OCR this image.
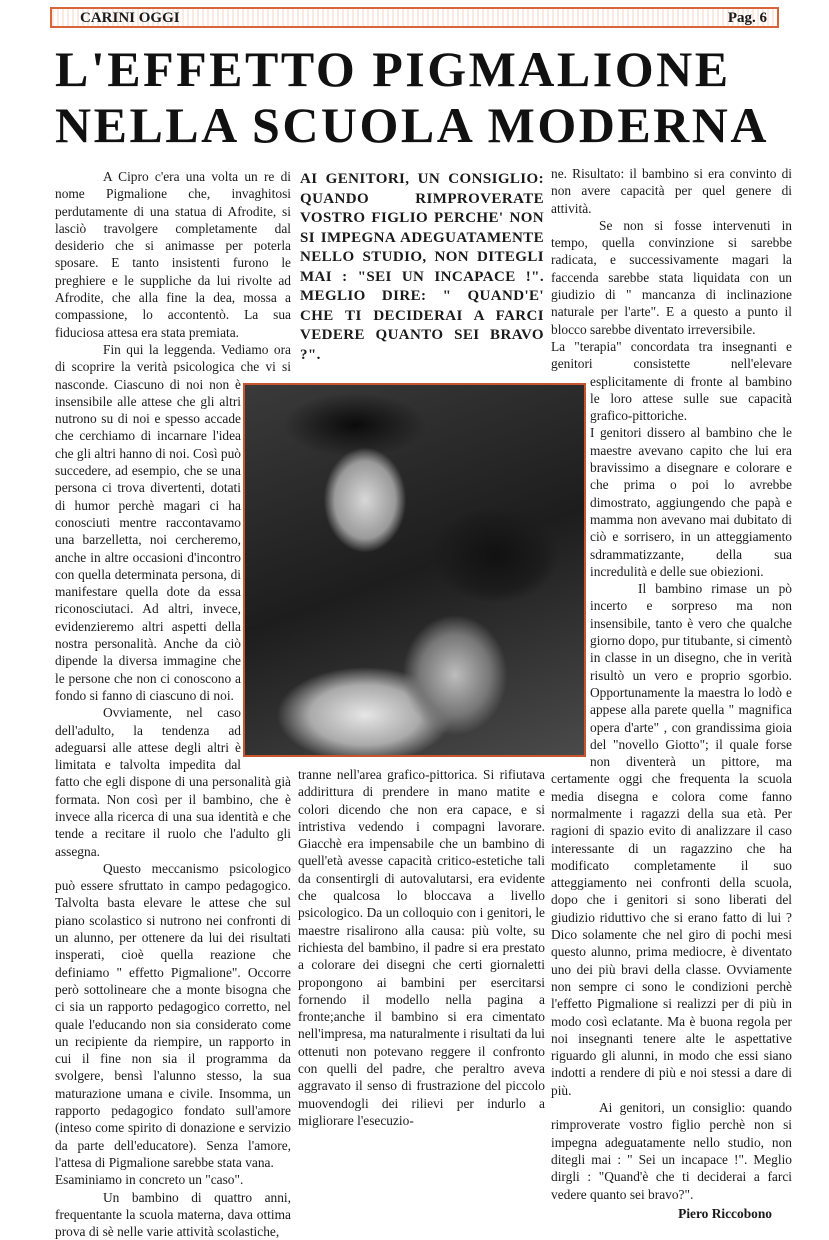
CARINI OGGI	Pag. 6
L'EFFETTO PIGMALIONE
NELLA SCUOLA MODERNA

A Cipro c'era una volta un re di nome Pigmalione che, invaghitosi perdutamente di una statua di Afrodite, si lasciò travolgere completamente dal desiderio che si animasse per poterla sposare. E tanto insistenti furono le preghiere e le suppliche da lui rivolte ad Afrodite, che alla fine la dea, mossa a compassione, lo accontentò. La sua fiduciosa attesa era stata premiata.

Fin qui la leggenda. Vediamo ora di scoprire la verità psicologica che vi si nasconde. Ciascuno di noi non è insensibile alle attese che gli altri nutrono su di noi e spesso accade che cerchiamo di incarnare l'idea che gli altri hanno di noi. Così può succedere, ad esempio, che se una persona ci trova divertenti, dotati di humor perchè magari ci ha conosciuti mentre raccontavamo una barzelletta, noi cercheremo, anche in altre occasioni d'incontro con quella determinata persona, di manifestare quella dote da essa riconosciutaci. Ad altri, invece, evidenzieremo altri aspetti della nostra personalità. Anche da ciò dipende la diversa immagine che le persone che non ci conoscono a fondo si fanno di ciascuno di noi.

Ovviamente, nel caso dell'adulto, la tendenza ad adeguarsi alle attese degli altri è limitata e talvolta impedita dal fatto che egli dispone di una personalità già formata. Non così per il bambino, che è invece alla ricerca di una sua identità e che tende a recitare il ruolo che l'adulto gli assegna.

Questo meccanismo psicologico può essere sfruttato in campo pedagogico. Talvolta basta elevare le attese che sul piano scolastico si nutrono nei confronti di un alunno, per ottenere da lui dei risultati insperati, cioè quella reazione che definiamo " effetto Pigmalione". Occorre però sottolineare che a monte bisogna che ci sia un rapporto pedagogico corretto, nel quale l'educando non sia considerato come un recipiente da riempire, un rapporto in cui il fine non sia il programma da svolgere, bensì l'alunno stesso, la sua maturazione umana e civile. Insomma, un rapporto pedagogico fondato sull'amore (inteso come spirito di donazione e servizio da parte dell'educatore). Senza l'amore, l'attesa di Pigmalione sarebbe stata vana.

Esaminiamo in concreto un "caso".

Un bambino di quattro anni, frequentante la scuola materna, dava ottima prova di sè nelle varie attività scolastiche,

AI GENITORI, UN CONSIGLIO: QUANDO RIMPROVERATE VOSTRO FIGLIO PERCHE' NON SI IMPEGNA ADEGUATAMENTE NELLO STUDIO, NON DITEGLI MAI : "SEI UN INCAPACE !". MEGLIO DIRE: " QUAND'E' CHE TI DECIDERAI A FARCI VEDERE QUANTO SEI BRAVO ?".

tranne nell'area grafico-pittorica. Si rifiutava addirittura di prendere in mano matite e colori dicendo che non era capace, e si intristiva vedendo i compagni lavorare. Giacchè era impensabile che un bambino di quell'età avesse capacità critico-estetiche tali da consentirgli di autovalutarsi, era evidente che qualcosa lo bloccava a livello psicologico. Da un colloquio con i genitori, le maestre risalirono alla causa: più volte, su richiesta del bambino, il padre si era prestato a colorare dei disegni che certi giornaletti propongono ai bambini per esercitarsi fornendo il modello nella pagina a fronte;anche il bambino si era cimentato nell'impresa, ma naturalmente i risultati da lui ottenuti non potevano reggere il confronto con quelli del padre, che peraltro aveva aggravato il senso di frustrazione del piccolo muovendogli dei rilievi per indurlo a migliorare l'esecuzio-

ne. Risultato: il bambino si era convinto di non avere capacità per quel genere di attività.

Se non si fosse intervenuti in tempo, quella convinzione si sarebbe radicata, e successivamente magari la faccenda sarebbe stata liquidata con un giudizio di " mancanza di inclinazione naturale per l'arte". E a questo a punto il blocco sarebbe diventato irreversibile.

La "terapia" concordata tra insegnanti e genitori consistette nell'elevare esplicitamente di fronte al bambino le loro attese sulle sue capacità grafico-pittoriche.

I genitori dissero al bambino che le maestre avevano capito che lui era bravissimo a disegnare e colorare e che prima o poi lo avrebbe dimostrato, aggiungendo che papà e mamma non avevano mai dubitato di ciò e sorrisero, in un atteggiamento sdrammatizzante, della sua incredulità e delle sue obiezioni.

Il bambino rimase un pò incerto e sorpreso ma non insensibile, tanto è vero che qualche giorno dopo, pur titubante, si cimentò in classe in un disegno, che in verità risultò un vero e proprio sgorbio. Opportunamente la maestra lo lodò e appese alla parete quella " magnifica opera d'arte" , con grandissima gioia del "novello Giotto"; il quale forse non diventerà un pittore, ma certamente oggi che frequenta la scuola media disegna e colora come fanno normalmente i ragazzi della sua età. Per ragioni di spazio evito di analizzare il caso interessante di un ragazzino che ha modificato completamente il suo atteggiamento nei confronti della scuola, dopo che i genitori si sono liberati del giudizio riduttivo che si erano fatto di lui ? Dico solamente che nel giro di pochi mesi questo alunno, prima mediocre, è diventato uno dei più bravi della classe. Ovviamente non sempre ci sono le condizioni perchè l'effetto Pigmalione si realizzi per di più in modo così eclatante. Ma è buona regola per noi insegnanti tenere alte le aspettative riguardo gli alunni, in modo che essi siano indotti a rendere di più e noi stessi a dare di più.

Ai genitori, un consiglio: quando rimproverate vostro figlio perchè non si impegna adeguatamente nello studio, non ditegli mai : " Sei un incapace !". Meglio dirgli : "Quand'è che ti deciderai a farci vedere quanto sei bravo?".

Piero Riccobono
